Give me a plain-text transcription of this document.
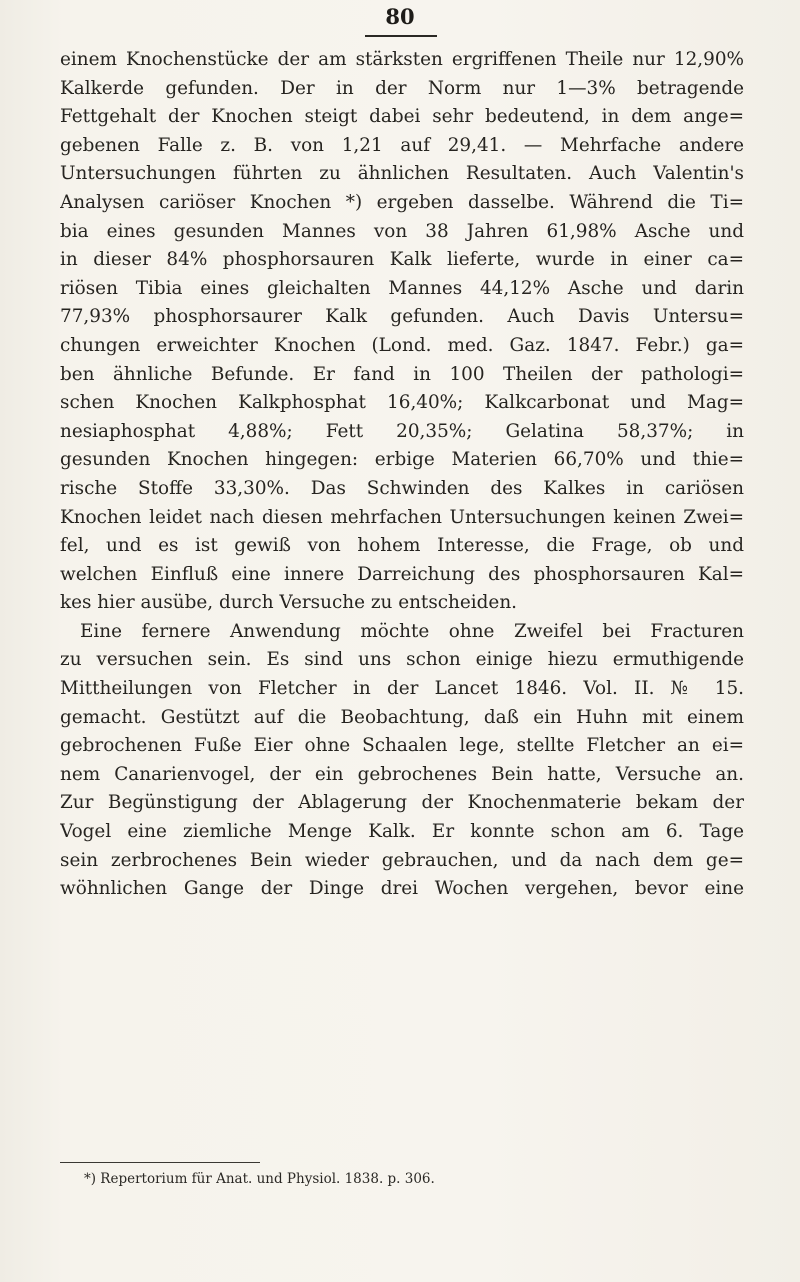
80
einem Knochenstücke der am stärksten ergriffenen Theile nur 12,90%
Kalkerde gefunden. Der in der Norm nur 1—3% betragende
Fettgehalt der Knochen steigt dabei sehr bedeutend, in dem ange=
gebenen Falle z. B. von 1,21 auf 29,41. — Mehrfache andere
Untersuchungen führten zu ähnlichen Resultaten. Auch Valentin's
Analysen cariöser Knochen *) ergeben dasselbe. Während die Ti=
bia eines gesunden Mannes von 38 Jahren 61,98% Asche und
in dieser 84% phosphorsauren Kalk lieferte, wurde in einer ca=
riösen Tibia eines gleichalten Mannes 44,12% Asche und darin
77,93% phosphorsaurer Kalk gefunden. Auch Davis Untersu=
chungen erweichter Knochen (Lond. med. Gaz. 1847. Febr.) ga=
ben ähnliche Befunde. Er fand in 100 Theilen der pathologi=
schen Knochen Kalkphosphat 16,40%; Kalkcarbonat und Mag=
nesiaphosphat 4,88%; Fett 20,35%; Gelatina 58,37%; in
gesunden Knochen hingegen: erbige Materien 66,70% und thie=
rische Stoffe 33,30%. Das Schwinden des Kalkes in cariösen
Knochen leidet nach diesen mehrfachen Untersuchungen keinen Zwei=
fel, und es ist gewiß von hohem Interesse, die Frage, ob und
welchen Einfluß eine innere Darreichung des phosphorsauren Kal=
kes hier ausübe, durch Versuche zu entscheiden.
Eine fernere Anwendung möchte ohne Zweifel bei Fracturen
zu versuchen sein. Es sind uns schon einige hiezu ermuthigende
Mittheilungen von Fletcher in der Lancet 1846. Vol. II. № 15.
gemacht. Gestützt auf die Beobachtung, daß ein Huhn mit einem
gebrochenen Fuße Eier ohne Schaalen lege, stellte Fletcher an ei=
nem Canarienvogel, der ein gebrochenes Bein hatte, Versuche an.
Zur Begünstigung der Ablagerung der Knochenmaterie bekam der
Vogel eine ziemliche Menge Kalk. Er konnte schon am 6. Tage
sein zerbrochenes Bein wieder gebrauchen, und da nach dem ge=
wöhnlichen Gange der Dinge drei Wochen vergehen, bevor eine
*) Repertorium für Anat. und Physiol. 1838. p. 306.
